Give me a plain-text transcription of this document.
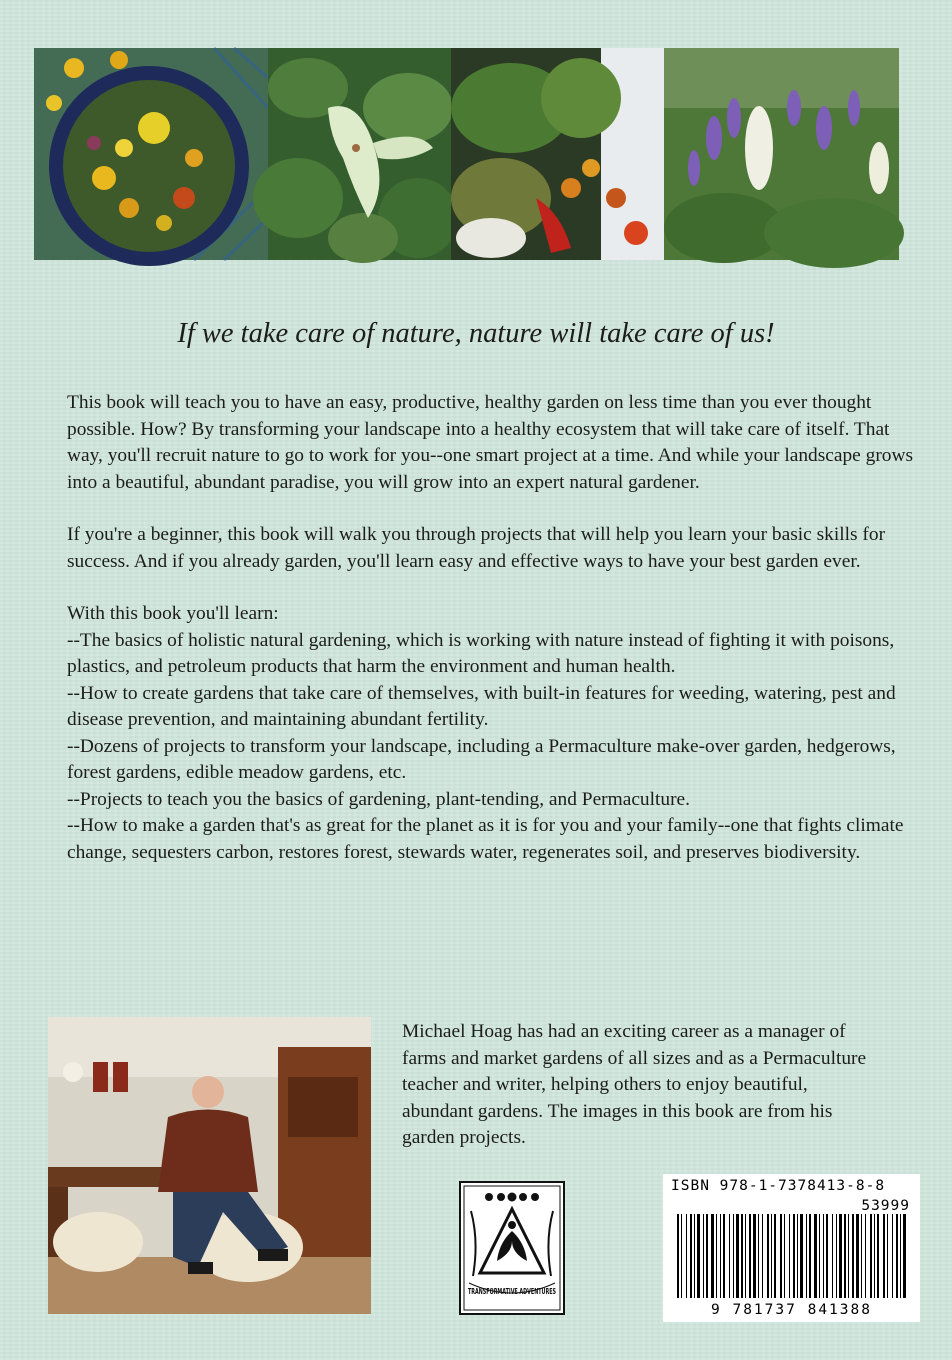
If we take care of nature, nature will take care of us!

This book will teach you to have an easy, productive, healthy garden on less time than you ever thought possible. How? By transforming your landscape into a healthy ecosystem that will take care of itself. That way, you'll recruit nature to go to work for you--one smart project at a time. And while your landscape grows into a beautiful, abundant paradise, you will grow into an expert natural gardener.

If you're a beginner, this book will walk you through projects that will help you learn your basic skills for success. And if you already garden, you'll learn easy and effective ways to have your best garden ever.

With this book you'll learn:

--The basics of holistic natural gardening, which is working with nature instead of fighting it with poisons, plastics, and petroleum products that harm the environment and human health.

--How to create gardens that take care of themselves, with built-in features for weeding, watering, pest and disease prevention, and maintaining abundant fertility.

--Dozens of projects to transform your landscape, including a Permaculture make-over garden, hedgerows, forest gardens, edible meadow gardens, etc.

--Projects to teach you the basics of gardening, plant-tending, and Permaculture.

--How to make a garden that's as great for the planet as it is for you and your family--one that fights climate change, sequesters carbon, restores forest, stewards water, regenerates soil, and preserves biodiversity.

Michael Hoag has had an exciting career as a manager of farms and market gardens of all sizes and as a Permaculture teacher and writer, helping others to enjoy beautiful, abundant gardens. The images in this book are from his garden projects.

TRANSFORMATIVE ADVENTURES
ISBN 978-1-7378413-8-8
53999
9 781737 841388
